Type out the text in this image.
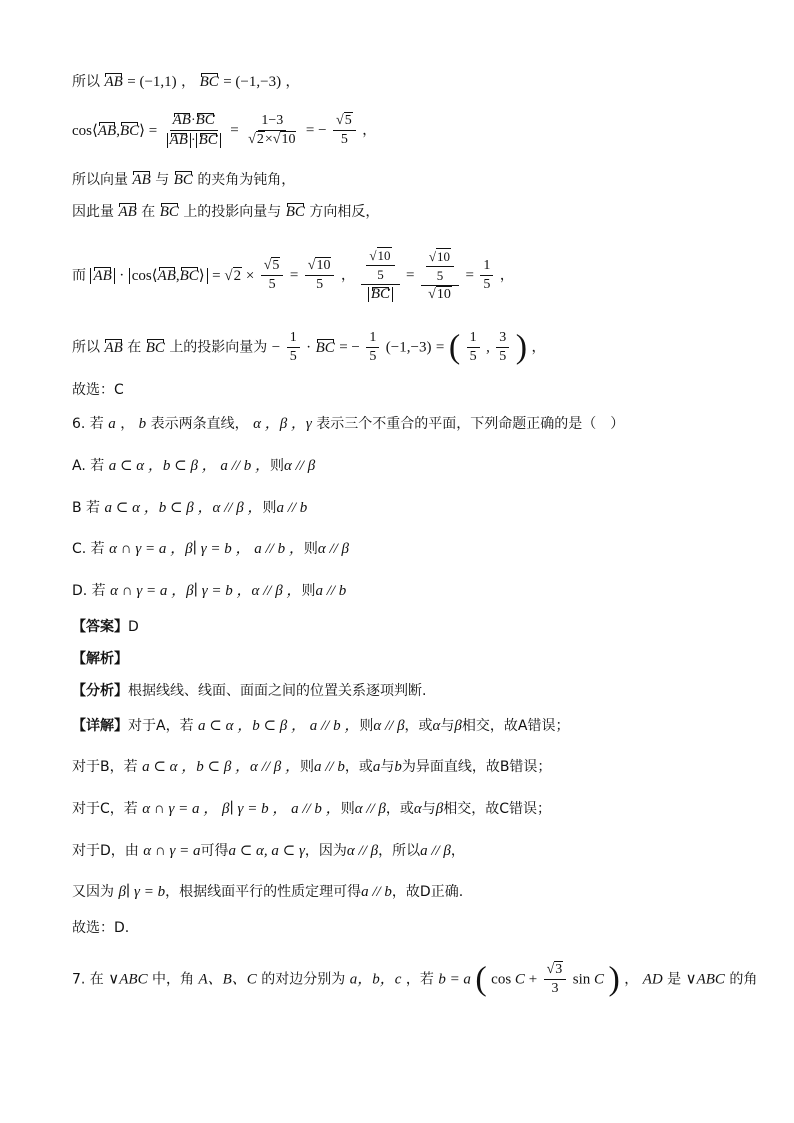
所以 AB = (−1,1) ， BC = (−1,−3) ，
cos⟨AB,BC⟩ = $\frac{AB\cdot BC}{AB \cdot BC} = \frac{1-3}{√2\times√10}$ = − $\frac{√5}{5}$ ，
所以向量 AB 与 BC 的夹角为钝角，
因此量 AB 在 BC 上的投影向量与 BC 方向相反，
而 AB · cos⟨AB,BC⟩ = $√2 \times \frac{√5}{5} = \frac{√10}{5}$ ， $\frac{\frac{√10}{5}}{BC} = \frac{\frac{√10}{5}}{√10} = \frac{1}{5}$ ，
所以 AB 在 BC 上的投影向量为 − $\frac{1}{5}$ · BC = − $\frac{1}{5} (-1,-3)$ = ( $\frac{1}{5}$ , $\frac{3}{5}$ ) ，
故选：C
6. 若 a ， b 表示两条直线， α ，β ，γ 表示三个不重合的平面，下列命题正确的是（　）
A. 若 a ⊂ α ，b ⊂ β ， a // b ，则α // β
B 若 a ⊂ α ，b ⊂ β ，α // β ，则a // b
C. 若 α ∩ γ = a ，β∣ γ = b ， a // b ，则α // β
D. 若 α ∩ γ = a ，β∣ γ = b ，α // β ，则a // b
【答案】D
【解析】
【分析】根据线线、线面、面面之间的位置关系逐项判断.
【详解】对于A，若 a ⊂ α ，b ⊂ β ， a // b ，则α // β，或α与β相交，故A错误；
对于B，若 a ⊂ α ，b ⊂ β ，α // β ，则a // b，或a与b为异面直线，故B错误；
对于C，若 α ∩ γ = a ， β∣ γ = b ， a // b ，则α // β，或α与β相交，故C错误；
对于D，由 α ∩ γ = a可得a ⊂ α, a ⊂ γ，因为α // β，所以a // β，
又因为 β∣ γ = b，根据线面平行的性质定理可得a // b，故D正确.
故选：D.
7. 在 ∨ABC 中，角 A、B、C 的对边分别为 a，b，c ，若 b = a ( $\cos C + \frac{√3}{3}$ sin C ) ， AD 是 ∨ABC 的角
